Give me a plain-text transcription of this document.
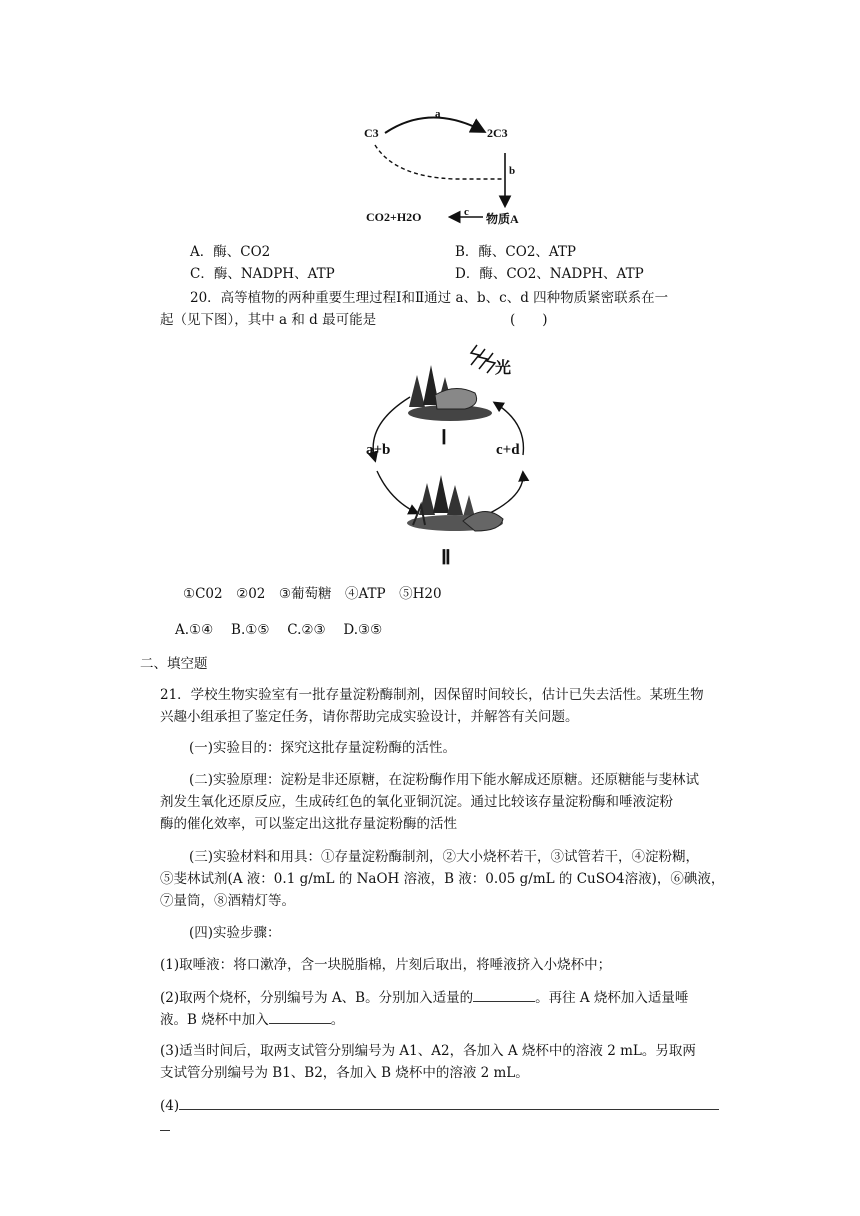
C3	2C3
a
b
c
CO2+H2O	物质A
A．酶、CO2	B．酶、CO2、ATP
C．酶、NADPH、ATP	D．酶、CO2、NADPH、ATP
20．高等植物的两种重要生理过程Ⅰ和Ⅱ通过 a、b、c、d 四种物质紧密联系在一
起（见下图），其中 a 和 d 最可能是	(　　)
光
Ⅰ
a+b	c+d
Ⅱ
①C02　②02　③葡萄糖　④ATP　⑤H20
A.①④　 B.①⑤　 C.②③　 D.③⑤
二、填空题
21．学校生物实验室有一批存量淀粉酶制剂，因保留时间较长，估计已失去活性。某班生物
兴趣小组承担了鉴定任务，请你帮助完成实验设计，并解答有关问题。
(一)实验目的：探究这批存量淀粉酶的活性。
(二)实验原理：淀粉是非还原糖，在淀粉酶作用下能水解成还原糖。还原糖能与斐林试
剂发生氧化还原反应，生成砖红色的氧化亚铜沉淀。通过比较该存量淀粉酶和唾液淀粉
酶的催化效率，可以鉴定出这批存量淀粉酶的活性
(三)实验材料和用具：①存量淀粉酶制剂，②大小烧杯若干，③试管若干，④淀粉糊，
⑤斐林试剂(A 液：0.1 g/mL 的 NaOH 溶液，B 液：0.05 g/mL 的 CuSO4溶液)，⑥碘液，
⑦量筒，⑧酒精灯等。
(四)实验步骤：
(1)取唾液：将口漱净，含一块脱脂棉，片刻后取出，将唾液挤入小烧杯中；
(2)取两个烧杯，分别编号为 A、B。分别加入适量的	。再往 A 烧杯加入适量唾
液。B 烧杯中加入	。
(3)适当时间后，取两支试管分别编号为 A1、A2，各加入 A 烧杯中的溶液 2 mL。另取两
支试管分别编号为 B1、B2，各加入 B 烧杯中的溶液 2 mL。
(4)
